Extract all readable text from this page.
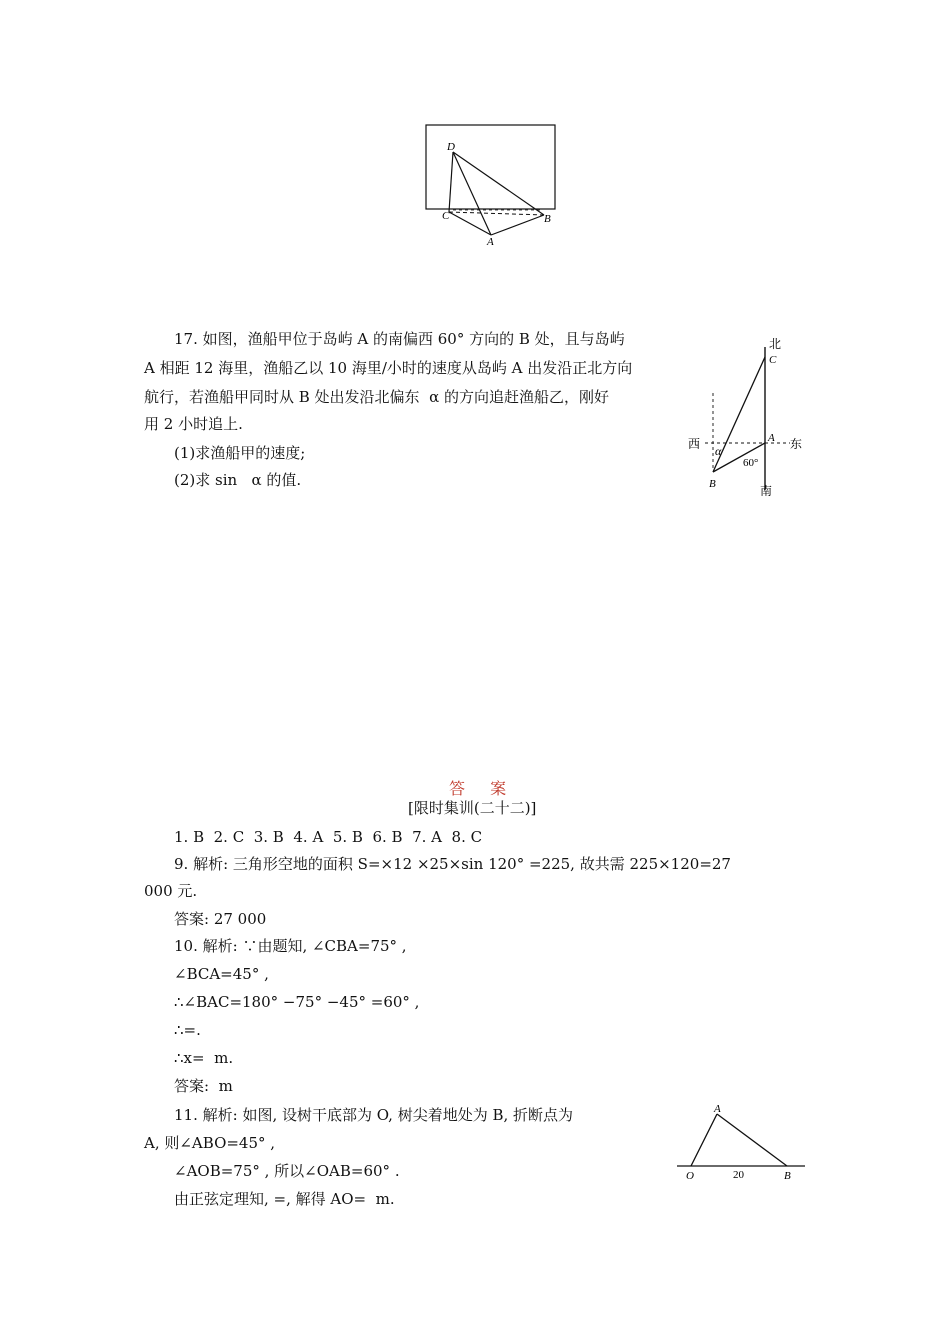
D
C	B
A
17. 如图，渔船甲位于岛屿 A 的南偏西 60° 方向的 B 处，且与岛屿
A 相距 12 海里，渔船乙以 10 海里/小时的速度从岛屿 A 出发沿正北方向
航行，若渔船甲同时从 B 处出发沿北偏东  α 的方向追赶渔船乙，刚好
用 2 小时追上.
(1)求渔船甲的速度;
(2)求 sin   α 的值.
北
C
西	A 东
α
60°
B	南
答 案
[限时集训(二十二)]
1. B  2. C  3. B  4. A  5. B  6. B  7. A  8. C
9. 解析: 三角形空地的面积 S=×12 ×25×sin 120° =225, 故共需 225×120=27
000 元.
答案: 27 000
10. 解析: ∵由题知, ∠CBA=75° ,
∠BCA=45° ,
∴∠BAC=180° −75° −45° =60° ,
∴=.
∴x=  m.
答案:  m
11. 解析: 如图, 设树干底部为 O, 树尖着地处为 B, 折断点为
A, 则∠ABO=45° ,
∠AOB=75° , 所以∠OAB=60° .
由正弦定理知, =, 解得 AO=  m.
A
O	20	B
